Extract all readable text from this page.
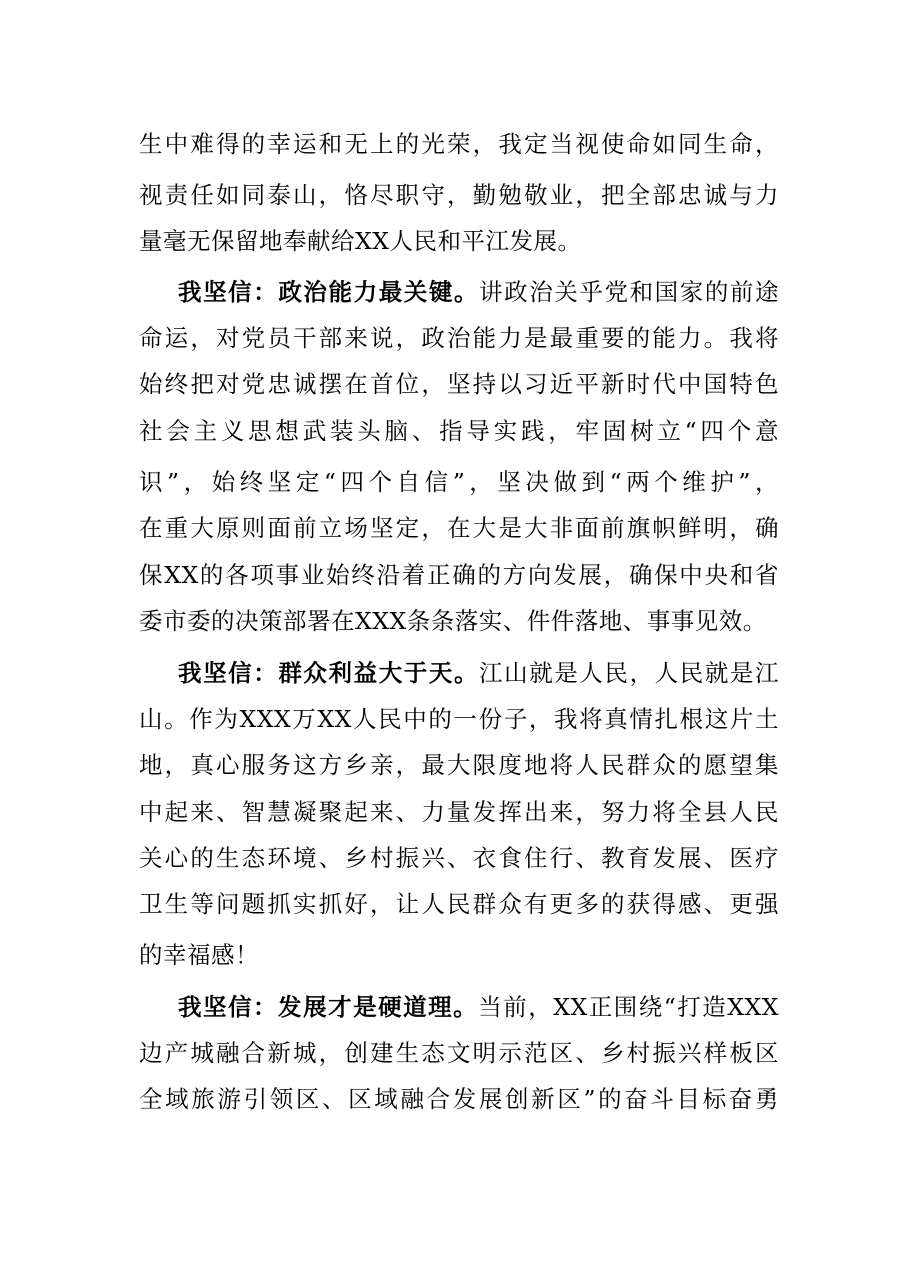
生中难得的幸运和无上的光荣，我定当视使命如同生命，
视责任如同泰山，恪尽职守，勤勉敬业，把全部忠诚与力
量毫无保留地奉献给XX人民和平江发展。
我坚信：政治能力最关键。讲政治关乎党和国家的前途
命运，对党员干部来说，政治能力是最重要的能力。我将
始终把对党忠诚摆在首位，坚持以习近平新时代中国特色
社会主义思想武装头脑、指导实践，牢固树立“四个意
识”，始终坚定“四个自信”，坚决做到“两个维护”，
在重大原则面前立场坚定，在大是大非面前旗帜鲜明，确
保XX的各项事业始终沿着正确的方向发展，确保中央和省
委市委的决策部署在XXX条条落实、件件落地、事事见效。
我坚信：群众利益大于天。江山就是人民，人民就是江
山。作为XXX万XX人民中的一份子，我将真情扎根这片土
地，真心服务这方乡亲，最大限度地将人民群众的愿望集
中起来、智慧凝聚起来、力量发挥出来，努力将全县人民
关心的生态环境、乡村振兴、衣食住行、教育发展、医疗
卫生等问题抓实抓好，让人民群众有更多的获得感、更强
的幸福感！
我坚信：发展才是硬道理。当前，XX正围绕“打造XXX
边产城融合新城，创建生态文明示范区、乡村振兴样板区
全域旅游引领区、区域融合发展创新区”的奋斗目标奋勇
